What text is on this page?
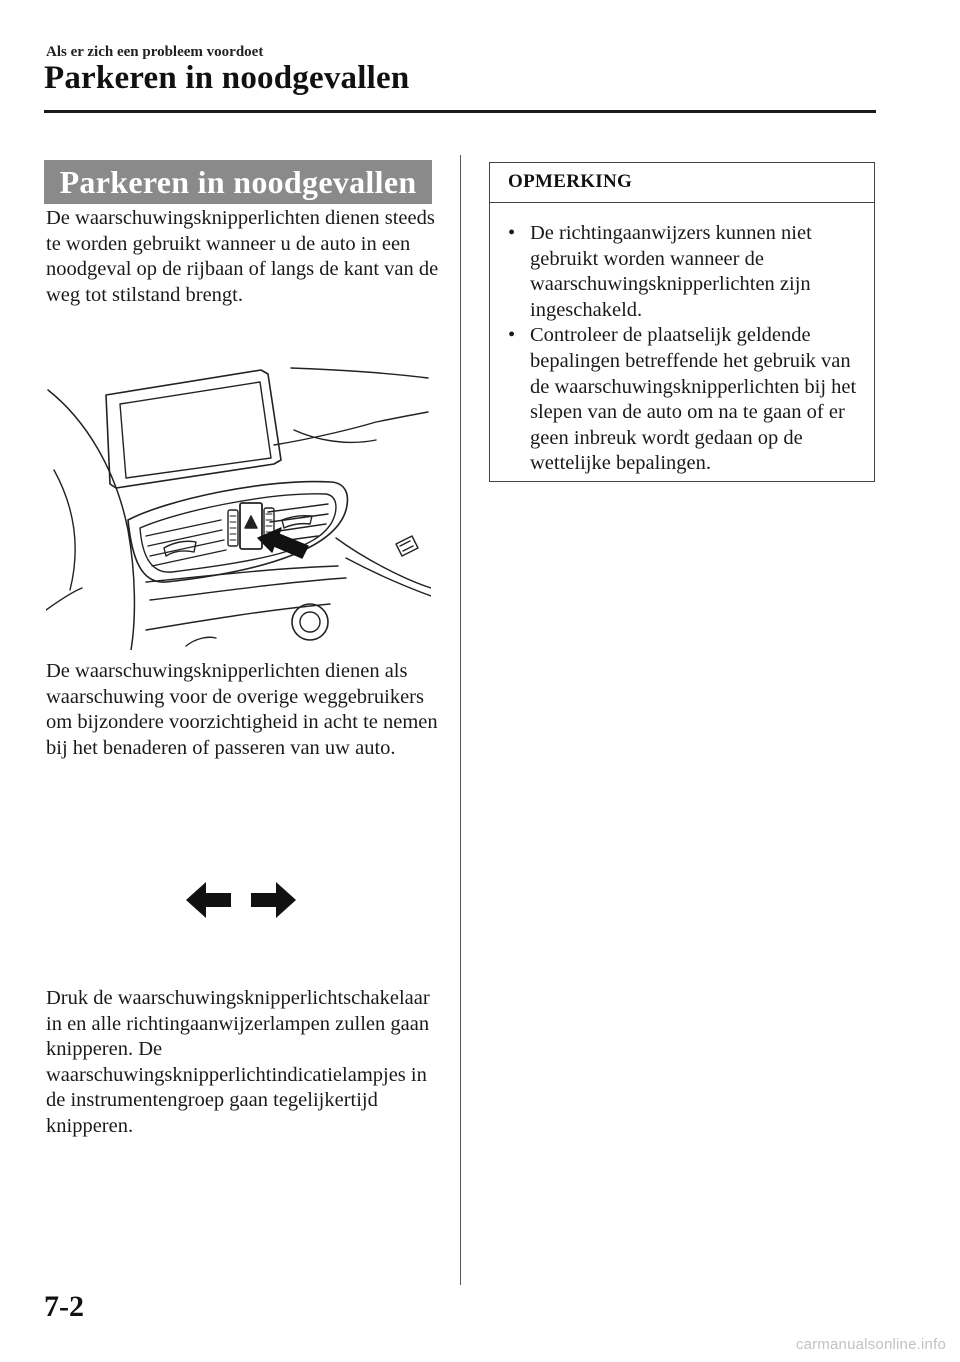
Als er zich een probleem voordoet
Parkeren in noodgevallen
Parkeren in noodgevallen

De waarschuwingsknipperlichten dienen steeds te worden gebruikt wanneer u de auto in een noodgeval op de rijbaan of langs de kant van de weg tot stilstand brengt.

De waarschuwingsknipperlichten dienen als waarschuwing voor de overige weggebruikers om bijzondere voorzichtigheid in acht te nemen bij het benaderen of passeren van uw auto.

Druk de waarschuwingsknipperlichtschakelaar in en alle richtingaanwijzerlampen zullen gaan knipperen. De waarschuwingsknipperlichtindicatielampjes in de instrumentengroep gaan tegelijkertijd knipperen.

OPMERKING
• De richtingaanwijzers kunnen niet gebruikt worden wanneer de waarschuwingsknipperlichten zijn ingeschakeld.
• Controleer de plaatselijk geldende bepalingen betreffende het gebruik van de waarschuwingsknipperlichten bij het slepen van de auto om na te gaan of er geen inbreuk wordt gedaan op de wettelijke bepalingen.
7-2
carmanualsonline.info
